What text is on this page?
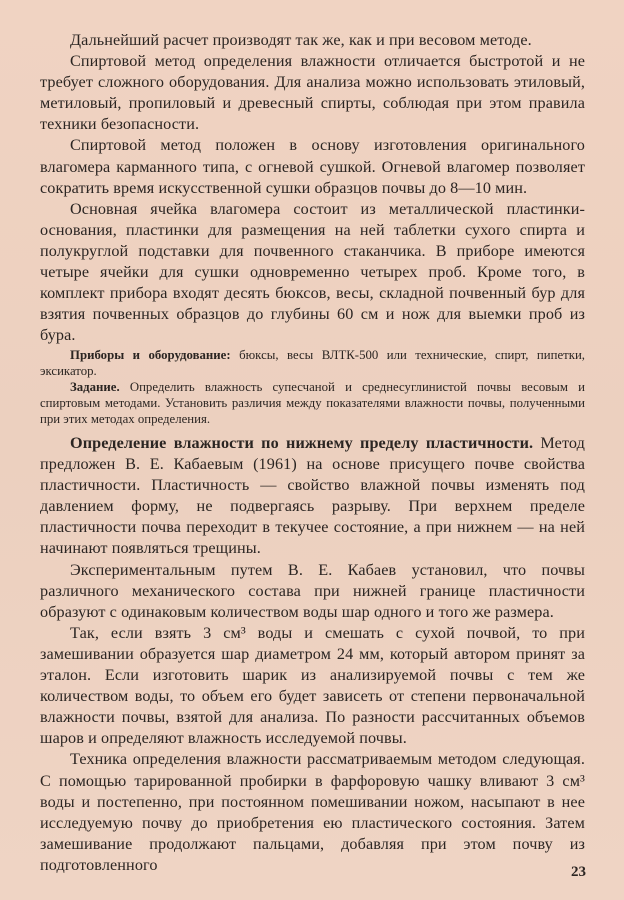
Дальнейший расчет производят так же, как и при весовом методе.

Спиртовой метод определения влажности отличается быстротой и не требует сложного оборудования. Для анализа можно использовать этиловый, метиловый, пропиловый и древесный спирты, соблюдая при этом правила техники безопасности.

Спиртовой метод положен в основу изготовления оригинального влагомера карманного типа, с огневой сушкой. Огневой влагомер позволяет сократить время искусственной сушки образцов почвы до 8—10 мин.

Основная ячейка влагомера состоит из металлической пластинки-основания, пластинки для размещения на ней таблетки сухого спирта и полукруглой подставки для почвенного стаканчика. В приборе имеются четыре ячейки для сушки одновременно четырех проб. Кроме того, в комплект прибора входят десять бюксов, весы, складной почвенный бур для взятия почвенных образцов до глубины 60 см и нож для выемки проб из бура.

Приборы и оборудование: бюксы, весы ВЛТК-500 или технические, спирт, пипетки, эксикатор.

Задание. Определить влажность супесчаной и среднесуглинистой почвы весовым и спиртовым методами. Установить различия между показателями влажности почвы, полученными при этих методах определения.

Определение влажности по нижнему пределу пластичности. Метод предложен В. Е. Кабаевым (1961) на основе присущего почве свойства пластичности. Пластичность — свойство влажной почвы изменять под давлением форму, не подвергаясь разрыву. При верхнем пределе пластичности почва переходит в текучее состояние, а при нижнем — на ней начинают появляться трещины.

Экспериментальным путем В. Е. Кабаев установил, что почвы различного механического состава при нижней границе пластичности образуют с одинаковым количеством воды шар одного и того же размера.

Так, если взять 3 см³ воды и смешать с сухой почвой, то при замешивании образуется шар диаметром 24 мм, который автором принят за эталон. Если изготовить шарик из анализируемой почвы с тем же количеством воды, то объем его будет зависеть от степени первоначальной влажности почвы, взятой для анализа. По разности рассчитанных объемов шаров и определяют влажность исследуемой почвы.

Техника определения влажности рассматриваемым методом следующая. С помощью тарированной пробирки в фарфоровую чашку вливают 3 см³ воды и постепенно, при постоянном помешивании ножом, насыпают в нее исследуемую почву до приобретения ею пластического состояния. Затем замешивание продолжают пальцами, добавляя при этом почву из подготовленного	23
